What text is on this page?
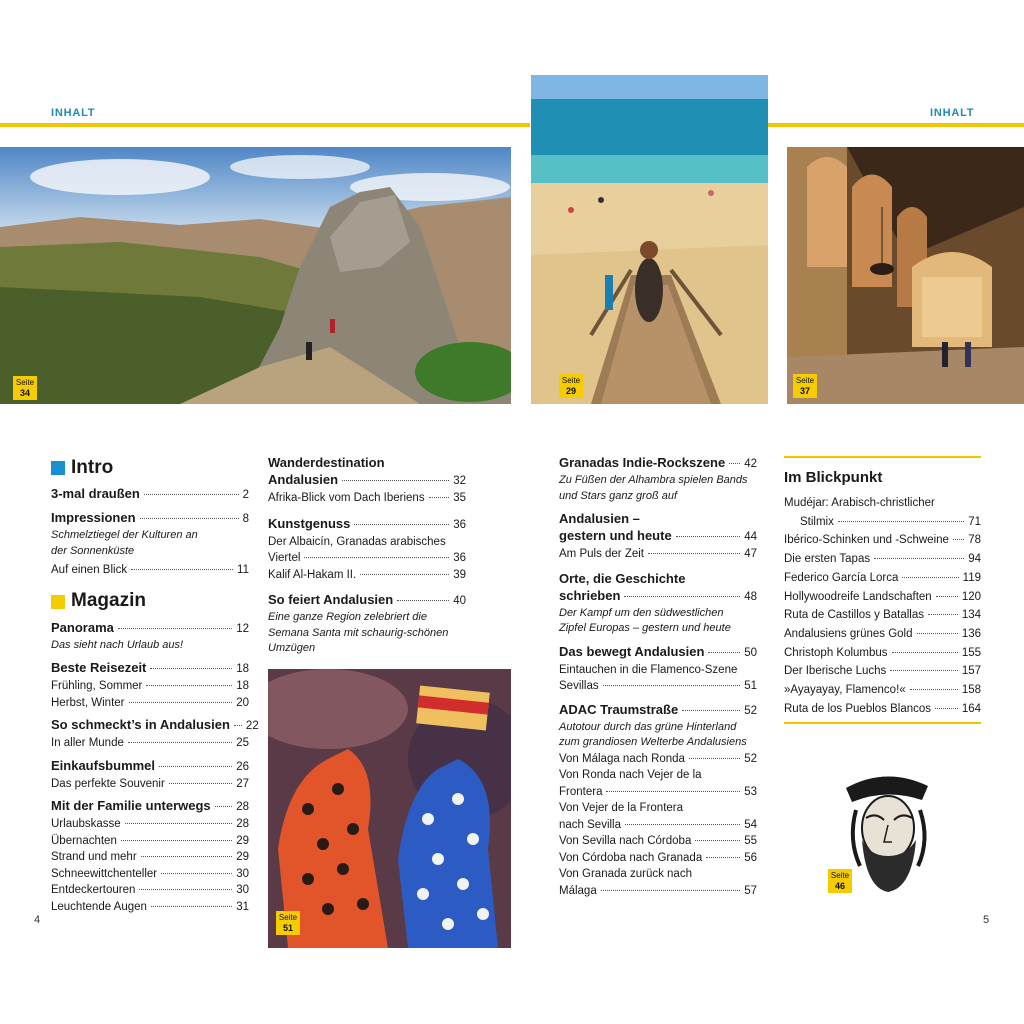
INHALT	INHALT
Seite
34
Seite
29
Seite
37
Intro
3-mal draußen	2
Impressionen	8
Schmelztiegel der Kulturen an der Sonnenküste
Auf einen Blick	11
Magazin
Panorama	12
Das sieht nach Urlaub aus!
Beste Reisezeit	18
Frühling, Sommer	18
Herbst, Winter	20
So schmeckt’s in Andalusien 22
In aller Munde	25
Einkaufsbummel	26
Das perfekte Souvenir	27
Mit der Familie unterwegs 28
Urlaubskasse	28
Übernachten	29
Strand und mehr	29
Schneewittchenteller	30
Entdeckertouren	30
Leuchtende Augen	31
Wanderdestination
Andalusien	32
Afrika-Blick vom Dach Iberiens 35
Kunstgenuss	36
Der Albaicín, Granadas arabisches
Viertel	36
Kalif Al-Hakam II.	39
So feiert Andalusien	40
Eine ganze Region zelebriert die Semana Santa mit schaurig-schönen Umzügen
Seite
51
Granadas Indie-Rockszene 42
Zu Füßen der Alhambra spielen Bands und Stars ganz groß auf
Andalusien –
gestern und heute	44
Am Puls der Zeit	47
Orte, die Geschichte
schrieben	48
Der Kampf um den südwestlichen Zipfel Europas – gestern und heute
Das bewegt Andalusien	50
Eintauchen in die Flamenco-Szene
Sevillas	51
ADAC Traumstraße	52
Autotour durch das grüne Hinterland zum grandiosen Welterbe Andalusiens
Von Málaga nach Ronda	52
Von Ronda nach Vejer de la
Frontera	53
Von Vejer de la Frontera
nach Sevilla	54
Von Sevilla nach Córdoba	55
Von Córdoba nach Granada	56
Von Granada zurück nach
Málaga	57
Im Blickpunkt
Mudéjar: Arabisch-christlicher
Stilmix	71
Ibérico-Schinken und -Schweine 78
Die ersten Tapas	94
Federico García Lorca	119
Hollywoodreife Landschaften	120
Ruta de Castillos y Batallas	134
Andalusiens grünes Gold	136
Christoph Kolumbus	155
Der Iberische Luchs	157
»Ayayayay, Flamenco!«	158
Ruta de los Pueblos Blancos	164
Seite
46
4	5
